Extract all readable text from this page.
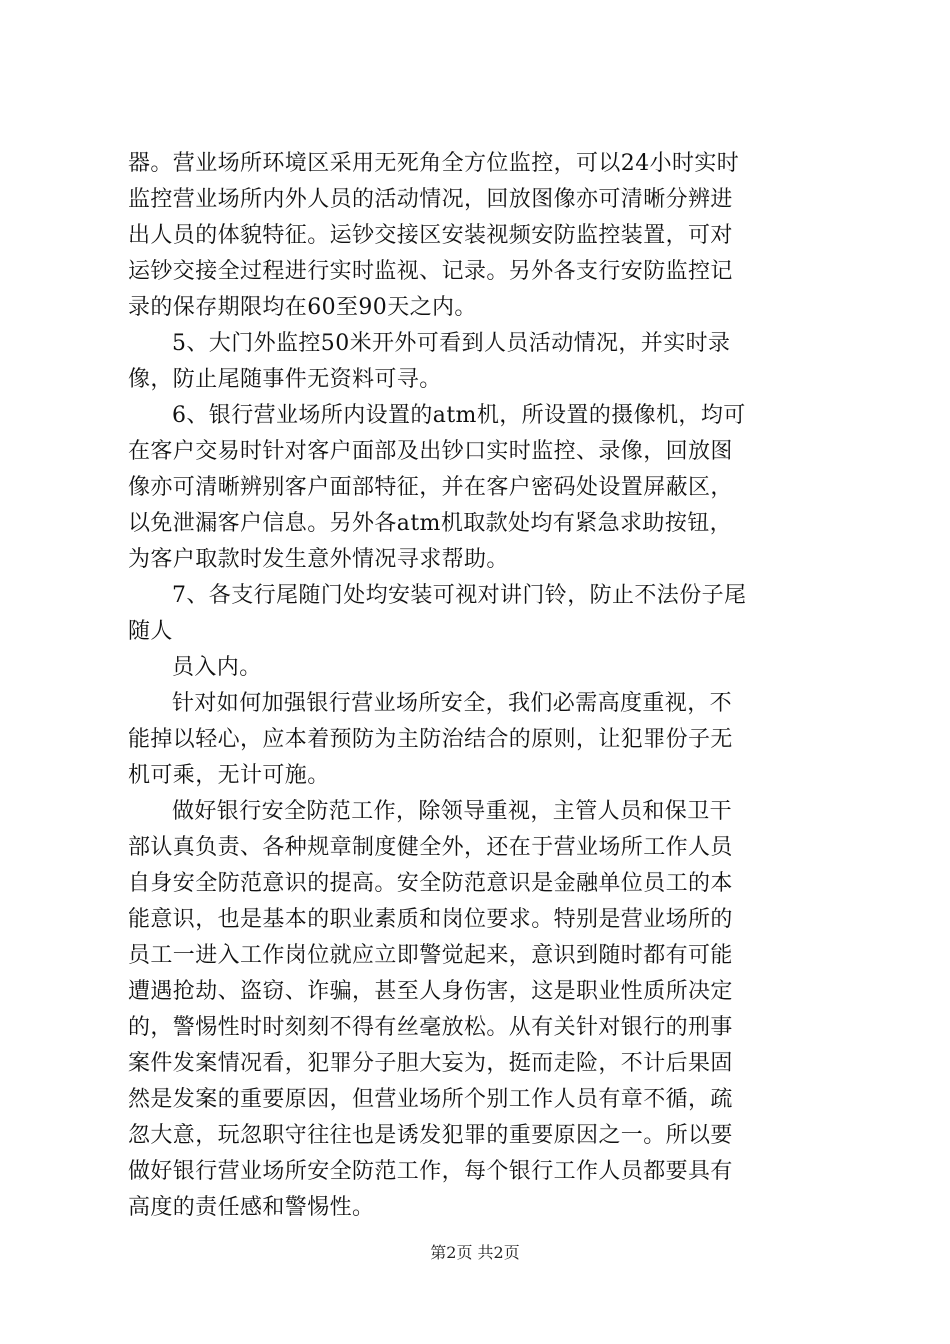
器。营业场所环境区采用无死角全方位监控，可以24小时实时
监控营业场所内外人员的活动情况，回放图像亦可清晰分辨进
出人员的体貌特征。运钞交接区安装视频安防监控装置，可对
运钞交接全过程进行实时监视、记录。另外各支行安防监控记
录的保存期限均在60至90天之内。
5、大门外监控50米开外可看到人员活动情况，并实时录
像，防止尾随事件无资料可寻。
6、银行营业场所内设置的atm机，所设置的摄像机，均可
在客户交易时针对客户面部及出钞口实时监控、录像，回放图
像亦可清晰辨别客户面部特征，并在客户密码处设置屏蔽区，
以免泄漏客户信息。另外各atm机取款处均有紧急求助按钮，
为客户取款时发生意外情况寻求帮助。
7、各支行尾随门处均安装可视对讲门铃，防止不法份子尾
随人
员入内。
针对如何加强银行营业场所安全，我们必需高度重视，不
能掉以轻心，应本着预防为主防治结合的原则，让犯罪份子无
机可乘，无计可施。
做好银行安全防范工作，除领导重视，主管人员和保卫干
部认真负责、各种规章制度健全外，还在于营业场所工作人员
自身安全防范意识的提高。安全防范意识是金融单位员工的本
能意识，也是基本的职业素质和岗位要求。特别是营业场所的
员工一进入工作岗位就应立即警觉起来，意识到随时都有可能
遭遇抢劫、盗窃、诈骗，甚至人身伤害，这是职业性质所决定
的，警惕性时时刻刻不得有丝毫放松。从有关针对银行的刑事
案件发案情况看，犯罪分子胆大妄为，挺而走险，不计后果固
然是发案的重要原因，但营业场所个别工作人员有章不循，疏
忽大意，玩忽职守往往也是诱发犯罪的重要原因之一。所以要
做好银行营业场所安全防范工作，每个银行工作人员都要具有
高度的责任感和警惕性。
第2页 共2页
